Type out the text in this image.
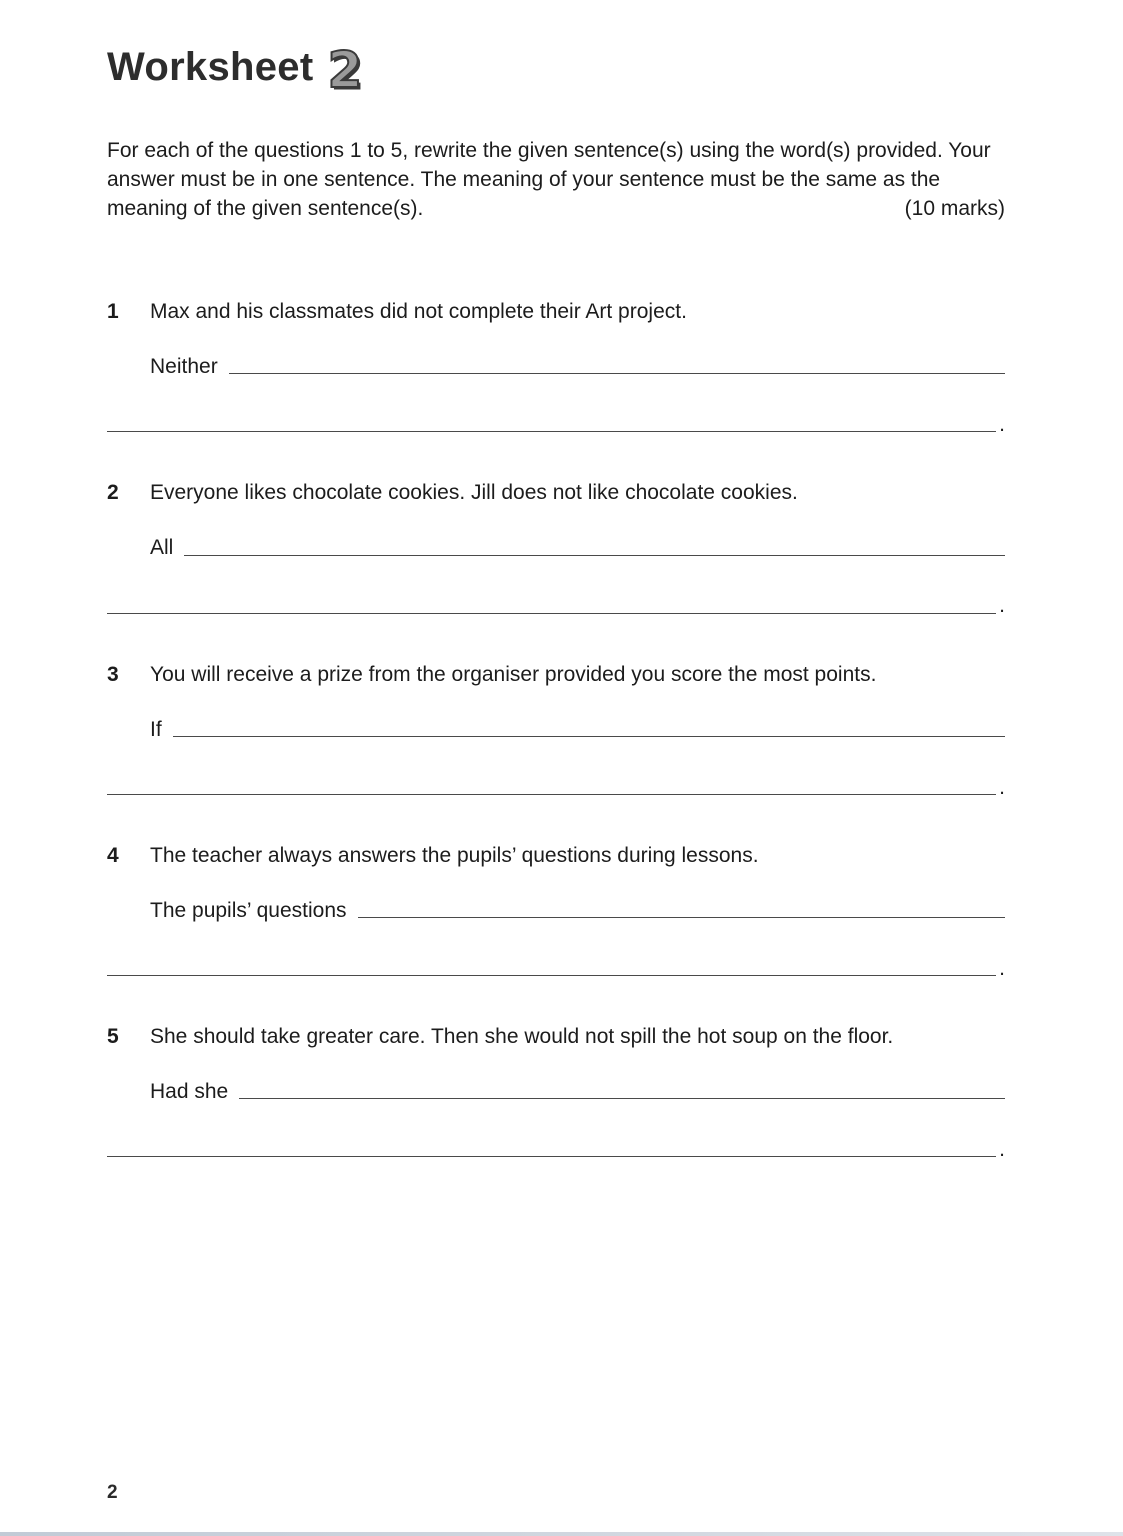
Worksheet 2
For each of the questions 1 to 5, rewrite the given sentence(s) using the word(s) provided. Your answer must be in one sentence. The meaning of your sentence must be the same as the meaning of the given sentence(s).	(10 marks)
1	Max and his classmates did not complete their Art project.
Neither
.
2	Everyone likes chocolate cookies. Jill does not like chocolate cookies.
All
.
3	You will receive a prize from the organiser provided you score the most points.
If
.
4	The teacher always answers the pupils’ questions during lessons.
The pupils’ questions
.
5	She should take greater care. Then she would not spill the hot soup on the floor.
Had she
.
2
